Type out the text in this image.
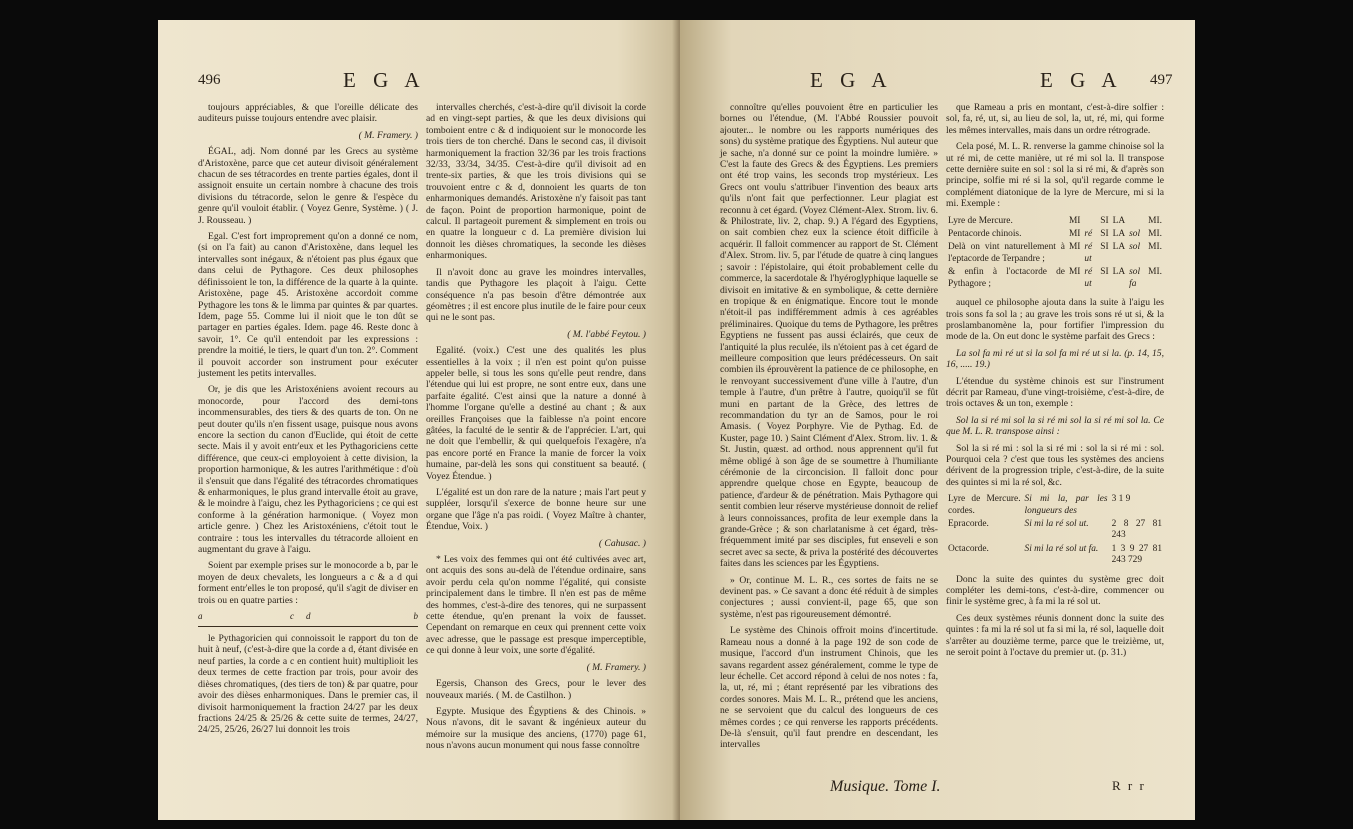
496	E G A

toujours appréciables, & que l'oreille délicate des auditeurs puisse toujours entendre avec plaisir.

( M. Framery. )

ÉGAL, adj. Nom donné par les Grecs au système d'Aristoxène, parce que cet auteur divisoit généralement chacun de ses tétracordes en trente parties égales, dont il assignoit ensuite un certain nombre à chacune des trois divisions du tétracorde, selon le genre & l'espèce du genre qu'il vouloit établir. ( Voyez Genre, Système. ) ( J. J. Rousseau. )

Egal. C'est fort improprement qu'on a donné ce nom, (si on l'a fait) au canon d'Aristoxène, dans lequel les intervalles sont inégaux, & n'étoient pas plus égaux que dans celui de Pythagore. Ces deux philosophes définissoient le ton, la différence de la quarte à la quinte. Aristoxène, page 45. Aristoxène accordoit comme Pythagore les tons & le limma par quintes & par quartes. Idem, page 55. Comme lui il nioit que le ton dût se partager en parties égales. Idem. page 46. Reste donc à savoir, 1°. Ce qu'il entendoit par les expressions : prendre la moitié, le tiers, le quart d'un ton. 2°. Comment il pouvoit accorder son instrument pour exécuter justement les petits intervalles.

Or, je dis que les Aristoxéniens avoient recours au monocorde, pour l'accord des demi-tons incommensurables, des tiers & des quarts de ton. On ne peut douter qu'ils n'en fissent usage, puisque nous avons encore la section du canon d'Euclide, qui étoit de cette secte. Mais il y avoit entr'eux et les Pythagoriciens cette différence, que ceux-ci employoient à cette division, la proportion harmonique, & les autres l'arithmétique : d'où il s'ensuit que dans l'égalité des tétracordes chromatiques & enharmoniques, le plus grand intervalle étoit au grave, & le moindre à l'aigu, chez les Pythagoriciens ; ce qui est conforme à la génération harmonique. ( Voyez mon article genre. ) Chez les Aristoxéniens, c'étoit tout le contraire : tous les intervalles du tétracorde alloient en augmentant du grave à l'aigu.

Soient par exemple prises sur le monocorde a b, par le moyen de deux chevalets, les longueurs a c & a d qui forment entr'elles le ton proposé, qu'il s'agit de diviser en trois ou en quatre parties :

a	c d	b

le Pythagoricien qui connoissoit le rapport du ton de huit à neuf, (c'est-à-dire que la corde a d, étant divisée en neuf parties, la corde a c en contient huit) multiplioit les deux termes de cette fraction par trois, pour avoir des dièses chromatiques, (des tiers de ton) & par quatre, pour avoir des dièses enharmoniques. Dans le premier cas, il divisoit harmoniquement la fraction 24/27 par les deux fractions 24/25 & 25/26 & cette suite de termes, 24/27, 24/25, 25/26, 26/27 lui donnoit les trois

intervalles cherchés, c'est-à-dire qu'il divisoit la corde ad en vingt-sept parties, & que les deux divisions qui tomboient entre c & d indiquoient sur le monocorde les trois tiers de ton cherché. Dans le second cas, il divisoit harmoniquement la fraction 32/36 par les trois fractions 32/33, 33/34, 34/35. C'est-à-dire qu'il divisoit ad en trente-six parties, & que les trois divisions qui se trouvoient entre c & d, donnoient les quarts de ton enharmoniques demandés. Aristoxène n'y faisoit pas tant de façon. Point de proportion harmonique, point de calcul. Il partageoit purement & simplement en trois ou en quatre la longueur c d. La première division lui donnoit les dièses chromatiques, la seconde les dièses enharmoniques.

Il n'avoit donc au grave les moindres intervalles, tandis que Pythagore les plaçoit à l'aigu. Cette conséquence n'a pas besoin d'être démontrée aux géomètres ; il est encore plus inutile de le faire pour ceux qui ne le sont pas.

( M. l'abbé Feytou. )

Egalité. (voix.) C'est une des qualités les plus essentielles à la voix ; il n'en est point qu'on puisse appeler belle, si tous les sons qu'elle peut rendre, dans l'étendue qui lui est propre, ne sont entre eux, dans une parfaite égalité. C'est ainsi que la nature a donné à l'homme l'organe qu'elle a destiné au chant ; & aux oreilles Françoises que la faiblesse n'a point encore gâtées, la faculté de le sentir & de l'apprécier. L'art, qui ne doit que l'embellir, & qui quelquefois l'exagère, n'a pas encore porté en France la manie de forcer la voix humaine, par-delà les sons qui constituent sa beauté. ( Voyez Étendue. )

L'égalité est un don rare de la nature ; mais l'art peut y suppléer, lorsqu'il s'exerce de bonne heure sur une organe que l'âge n'a pas roidi. ( Voyez Maître à chanter, Étendue, Voix. )

( Cahusac. )

* Les voix des femmes qui ont été cultivées avec art, ont acquis des sons au-delà de l'étendue ordinaire, sans avoir perdu cela qu'on nomme l'égalité, qui consiste principalement dans le timbre. Il n'en est pas de même des hommes, c'est-à-dire des tenores, qui ne surpassent cette étendue, qu'en prenant la voix de fausset. Cependant on remarque en ceux qui prennent cette voix avec adresse, que le passage est presque imperceptible, ce qui donne à leur voix, une sorte d'égalité.

( M. Framery. )

Egersis, Chanson des Grecs, pour le lever des nouveaux mariés. ( M. de Castilhon. )

Egypte. Musique des Égyptiens & des Chinois. » Nous n'avons, dit le savant & ingénieux auteur du mémoire sur la musique des anciens, (1770) page 61, nous n'avons aucun monument qui nous fasse connoître

E G A	E G A 497

connoître qu'elles pouvoient être en particulier les bornes ou l'étendue, (M. l'Abbé Roussier pouvoit ajouter... le nombre ou les rapports numériques des sons) du système pratique des Égyptiens. Nul auteur que je sache, n'a donné sur ce point la moindre lumière. » C'est la faute des Grecs & des Égyptiens. Les premiers ont été trop vains, les seconds trop mystérieux. Les Grecs ont voulu s'attribuer l'invention des beaux arts qu'ils n'ont fait que perfectionner. Leur plagiat est reconnu à cet égard. (Voyez Clément-Alex. Strom. liv. 6. & Philostrate, liv. 2, chap. 9.) A l'égard des Egyptiens, on sait combien chez eux la science étoit difficile à acquérir. Il falloit commencer au rapport de St. Clément d'Alex. Strom. liv. 5, par l'étude de quatre à cinq langues ; savoir : l'épistolaire, qui étoit probablement celle du commerce, la sacerdotale & l'hyéroglyphique laquelle se divisoit en imitative & en symbolique, & cette dernière en tropique & en énigmatique. Encore tout le monde n'étoit-il pas indifféremment admis à ces agréables préliminaires. Quoique du tems de Pythagore, les prêtres Egyptiens ne fussent pas aussi éclairés, que ceux de l'antiquité la plus reculée, ils n'étoient pas à cet égard de meilleure composition que leurs prédécesseurs. On sait combien ils éprouvèrent la patience de ce philosophe, en le renvoyant successivement d'une ville à l'autre, d'un temple à l'autre, d'un prêtre à l'autre, quoiqu'il se fût muni en partant de la Grèce, des lettres de recommandation du tyr an de Samos, pour le roi Amasis. ( Voyez Porphyre. Vie de Pythag. Ed. de Kuster, page 10. ) Saint Clément d'Alex. Strom. liv. 1. & St. Justin, quæst. ad orthod. nous apprennent qu'il fut même obligé à son âge de se soumettre à l'humiliante cérémonie de la circoncision. Il falloit donc pour apprendre quelque chose en Egypte, beaucoup de patience, d'ardeur & de pénétration. Mais Pythagore qui sentit combien leur réserve mystérieuse donnoit de relief à leurs connoissances, profita de leur exemple dans la grande-Grèce ; & son charlatanisme à cet égard, très-fréquemment imité par ses disciples, fut enseveli e son secret avec sa secte, & priva la postérité des découvertes faites dans les sciences par les Égyptiens.

» Or, continue M. L. R., ces sortes de faits ne se devinent pas. » Ce savant a donc été réduit à de simples conjectures ; aussi convient-il, page 65, que son système, n'est pas rigoureusement démontré.

Le système des Chinois offroit moins d'incertitude. Rameau nous a donné à la page 192 de son code de musique, l'accord d'un instrument Chinois, que les savans regardent assez généralement, comme le type de leur échelle. Cet accord répond à celui de nos notes : fa, la, ut, ré, mi ; étant représenté par les vibrations des cordes sonores. Mais M. L. R., prétend que les anciens, ne se servoient que du calcul des longueurs de ces mêmes cordes ; ce qui renverse les rapports précédents. De-là s'ensuit, qu'il faut prendre en descendant, les intervalles

que Rameau a pris en montant, c'est-à-dire solfier : sol, fa, ré, ut, si, au lieu de sol, la, ut, ré, mi, qui forme les mêmes intervalles, mais dans un ordre rétrograde.

Cela posé, M. L. R. renverse la gamme chinoise sol la ut ré mi, de cette manière, ut ré mi sol la. Il transpose cette dernière suite en sol : sol la si ré mi, & d'après son principe, solfie mi ré si la sol, qu'il regarde comme le complément diatonique de la lyre de Mercure, mi si la mi. Exemple :

Lyre de Mercure.	MI		SI	LA		MI.
Pentacorde chinois.	MI	ré	SI	LA	sol	MI.
Delà on vint naturellement à l'eptacorde de Terpandre ;	MI	ré ut	SI	LA	sol	MI.
& enfin à l'octacorde de Pythagore ;	MI	ré ut	SI	LA	sol fa	MI.

auquel ce philosophe ajouta dans la suite à l'aigu les trois sons fa sol la ; au grave les trois sons ré ut si, & la proslambanomène la, pour fortifier l'impression du mode de la. On eut donc le système parfait des Grecs :

La sol fa mi ré ut si la sol fa mi ré ut si la. (p. 14, 15, 16, ..... 19.)

L'étendue du système chinois est sur l'instrument décrit par Rameau, d'une vingt-troisième, c'est-à-dire, de trois octaves & un ton, exemple :

Sol la si ré mi sol la si ré mi sol la si ré mi sol la. Ce que M. L. R. transpose ainsi :

Sol la si ré mi : sol la si ré mi : sol la si ré mi : sol. Pourquoi cela ? c'est que tous les systèmes des anciens dérivent de la progression triple, c'est-à-dire, de la suite des quintes si mi la ré sol, &c.

Lyre de Mercure. cordes.	Si mi la, par les longueurs des	3 1 9
Epracorde.	Si mi la ré sol ut.	2 8 27 81 243
Octacorde.	Si mi la ré sol ut fa.	1 3 9 27 81 243 729

Donc la suite des quintes du système grec doit compléter les demi-tons, c'est-à-dire, commencer ou finir le système grec, à fa mi la ré sol ut.

Ces deux systèmes réunis donnent donc la suite des quintes : fa mi la ré sol ut fa si mi la, ré sol, laquelle doit s'arrêter au douzième terme, parce que le treizième, ut, ne seroit point à l'octave du premier ut. (p. 31.)

Musique. Tome I.	R r r
